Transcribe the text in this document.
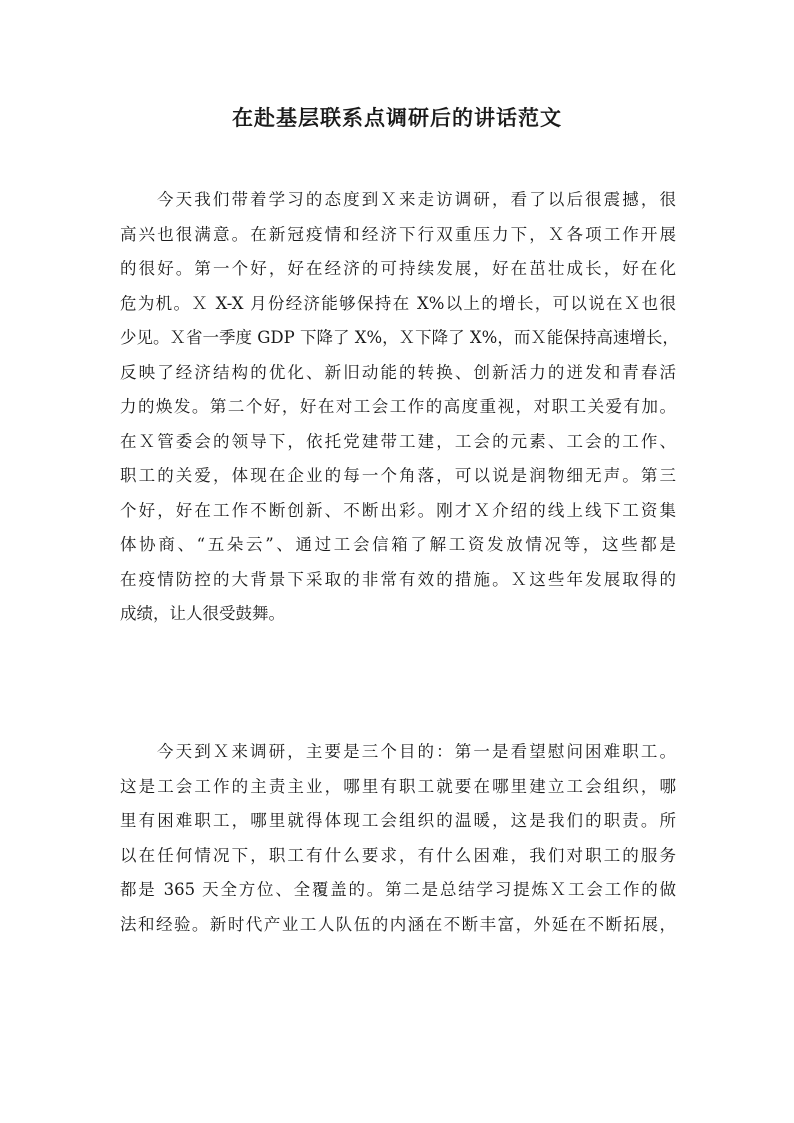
在赴基层联系点调研后的讲话范文
今天我们带着学习的态度到Ｘ来走访调研，看了以后很震撼，很
高兴也很满意。在新冠疫情和经济下行双重压力下，Ｘ各项工作开展
的很好。第一个好，好在经济的可持续发展，好在茁壮成长，好在化
危为机。Ｘ X-X 月份经济能够保持在 X%以上的增长，可以说在Ｘ也很
少见。Ｘ省一季度 GDP 下降了 X%，Ｘ下降了 X%，而Ｘ能保持高速增长，
反映了经济结构的优化、新旧动能的转换、创新活力的迸发和青春活
力的焕发。第二个好，好在对工会工作的高度重视，对职工关爱有加。
在Ｘ管委会的领导下，依托党建带工建，工会的元素、工会的工作、
职工的关爱，体现在企业的每一个角落，可以说是润物细无声。第三
个好，好在工作不断创新、不断出彩。刚才Ｘ介绍的线上线下工资集
体协商、“五朵云”、通过工会信箱了解工资发放情况等，这些都是
在疫情防控的大背景下采取的非常有效的措施。Ｘ这些年发展取得的
成绩，让人很受鼓舞。
今天到Ｘ来调研，主要是三个目的：第一是看望慰问困难职工。
这是工会工作的主责主业，哪里有职工就要在哪里建立工会组织，哪
里有困难职工，哪里就得体现工会组织的温暖，这是我们的职责。所
以在任何情况下，职工有什么要求，有什么困难，我们对职工的服务
都是 365 天全方位、全覆盖的。第二是总结学习提炼Ｘ工会工作的做
法和经验。新时代产业工人队伍的内涵在不断丰富，外延在不断拓展，
